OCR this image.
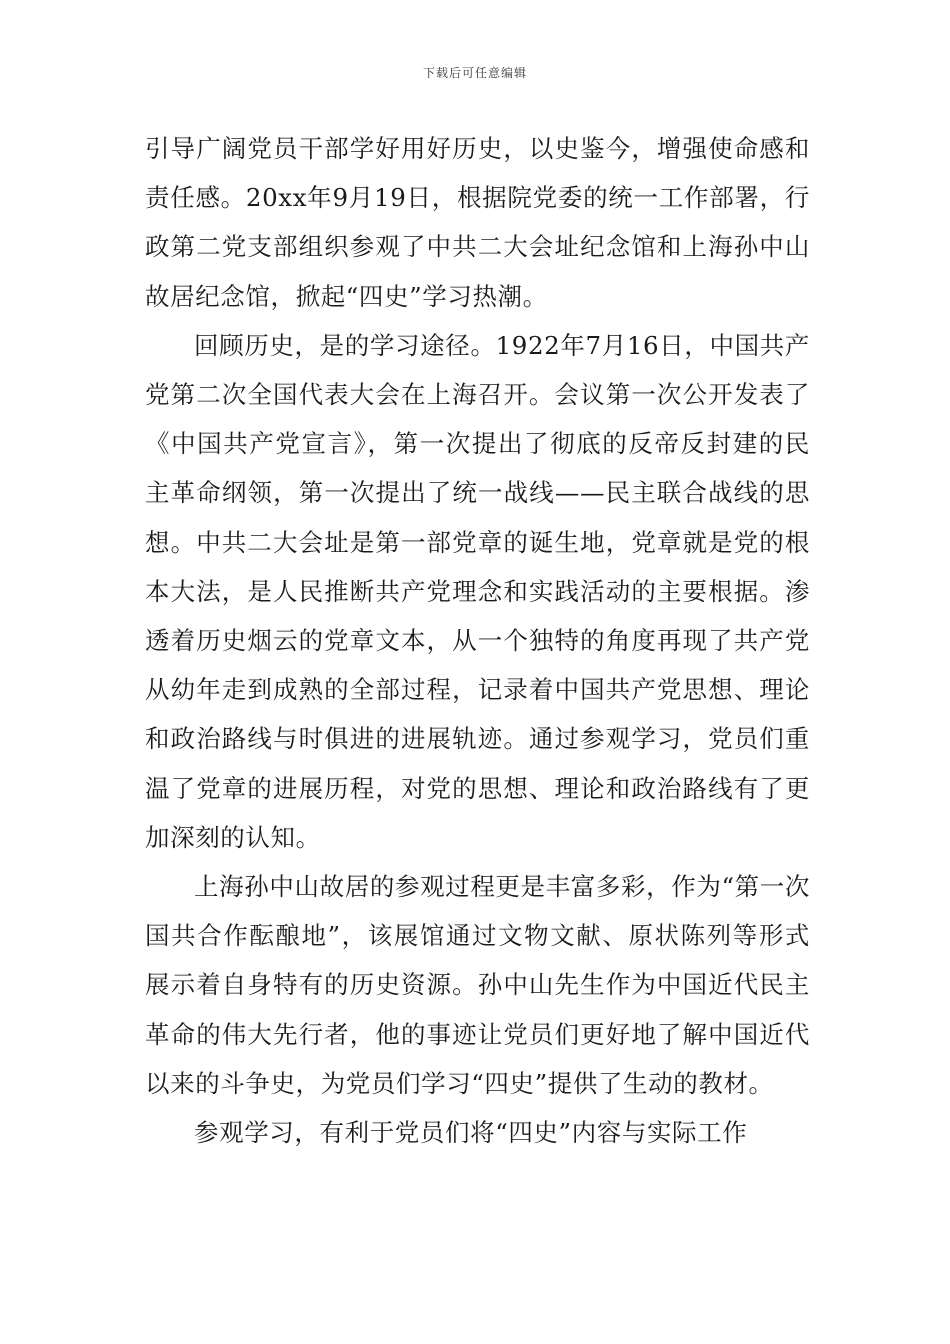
下载后可任意编辑

引导广阔党员干部学好用好历史，以史鉴今，增强使命感和责任感。20xx年9月19日，根据院党委的统一工作部署，行政第二党支部组织参观了中共二大会址纪念馆和上海孙中山故居纪念馆，掀起“四史”学习热潮。

回顾历史，是的学习途径。1922年7月16日，中国共产党第二次全国代表大会在上海召开。会议第一次公开发表了《中国共产党宣言》，第一次提出了彻底的反帝反封建的民主革命纲领，第一次提出了统一战线——民主联合战线的思想。中共二大会址是第一部党章的诞生地，党章就是党的根本大法，是人民推断共产党理念和实践活动的主要根据。渗透着历史烟云的党章文本，从一个独特的角度再现了共产党从幼年走到成熟的全部过程，记录着中国共产党思想、理论和政治路线与时俱进的进展轨迹。通过参观学习，党员们重温了党章的进展历程，对党的思想、理论和政治路线有了更加深刻的认知。

上海孙中山故居的参观过程更是丰富多彩，作为“第一次国共合作酝酿地”，该展馆通过文物文献、原状陈列等形式展示着自身特有的历史资源。孙中山先生作为中国近代民主革命的伟大先行者，他的事迹让党员们更好地了解中国近代以来的斗争史，为党员们学习“四史”提供了生动的教材。

参观学习，有利于党员们将“四史”内容与实际工作
